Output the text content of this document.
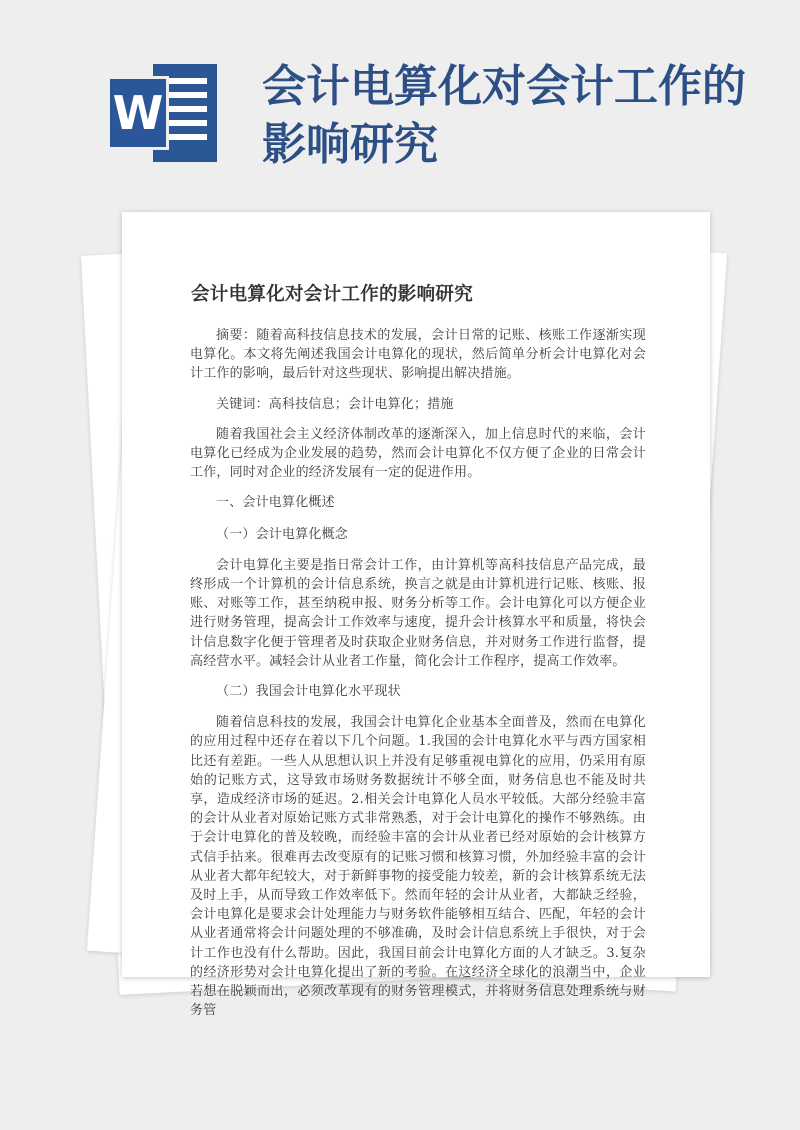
W 会计电算化对会计工作的影响研究
会计电算化对会计工作的影响研究

摘要：随着高科技信息技术的发展，会计日常的记账、核账工作逐渐实现电算化。本文将先阐述我国会计电算化的现状，然后简单分析会计电算化对会计工作的影响，最后针对这些现状、影响提出解决措施。

关键词：高科技信息；会计电算化；措施

随着我国社会主义经济体制改革的逐渐深入，加上信息时代的来临，会计电算化已经成为企业发展的趋势，然而会计电算化不仅方便了企业的日常会计工作，同时对企业的经济发展有一定的促进作用。

一、会计电算化概述

（一）会计电算化概念

会计电算化主要是指日常会计工作，由计算机等高科技信息产品完成，最终形成一个计算机的会计信息系统，换言之就是由计算机进行记账、核账、报账、对账等工作，甚至纳税申报、财务分析等工作。会计电算化可以方便企业进行财务管理，提高会计工作效率与速度，提升会计核算水平和质量，将快会计信息数字化便于管理者及时获取企业财务信息，并对财务工作进行监督，提高经营水平。减轻会计从业者工作量，简化会计工作程序，提高工作效率。

（二）我国会计电算化水平现状

随着信息科技的发展，我国会计电算化企业基本全面普及，然而在电算化的应用过程中还存在着以下几个问题。1.我国的会计电算化水平与西方国家相比还有差距。一些人从思想认识上并没有足够重视电算化的应用，仍采用有原始的记账方式，这导致市场财务数据统计不够全面，财务信息也不能及时共享，造成经济市场的延迟。2.相关会计电算化人员水平较低。大部分经验丰富的会计从业者对原始记账方式非常熟悉，对于会计电算化的操作不够熟练。由于会计电算化的普及较晚，而经验丰富的会计从业者已经对原始的会计核算方式信手拈来。很难再去改变原有的记账习惯和核算习惯，外加经验丰富的会计从业者大都年纪较大，对于新鲜事物的接受能力较差，新的会计核算系统无法及时上手，从而导致工作效率低下。然而年轻的会计从业者，大都缺乏经验，会计电算化是要求会计处理能力与财务软件能够相互结合、匹配，年轻的会计从业者通常将会计问题处理的不够准确，及时会计信息系统上手很快，对于会计工作也没有什么帮助。因此，我国目前会计电算化方面的人才缺乏。3.复杂的经济形势对会计电算化提出了新的考验。在这经济全球化的浪潮当中，企业若想在脱颖而出，必须改革现有的财务管理模式，并将财务信息处理系统与财务管
